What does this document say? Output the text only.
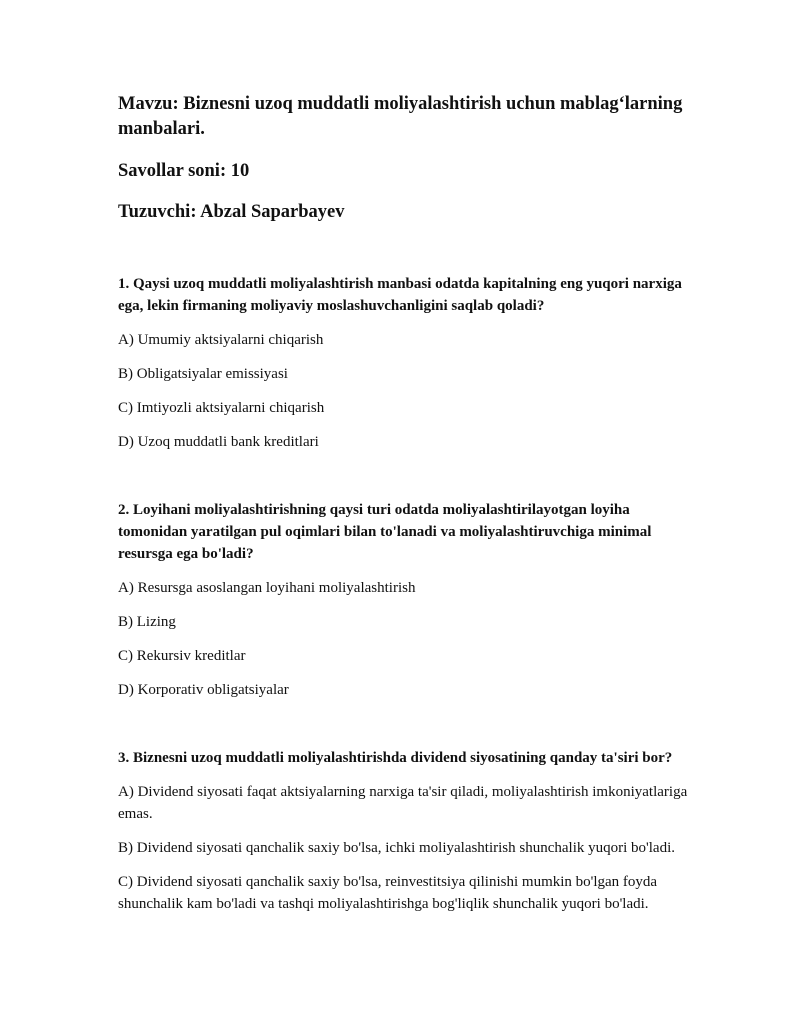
Mavzu: Biznesni uzoq muddatli moliyalashtirish uchun mablag‘larning manbalari.

Savollar soni: 10

Tuzuvchi: Abzal Saparbayev

1. Qaysi uzoq muddatli moliyalashtirish manbasi odatda kapitalning eng yuqori narxiga ega, lekin firmaning moliyaviy moslashuvchanligini saqlab qoladi?

A) Umumiy aktsiyalarni chiqarish

B) Obligatsiyalar emissiyasi

C) Imtiyozli aktsiyalarni chiqarish

D) Uzoq muddatli bank kreditlari

2. Loyihani moliyalashtirishning qaysi turi odatda moliyalashtirilayotgan loyiha tomonidan yaratilgan pul oqimlari bilan to'lanadi va moliyalashtiruvchiga minimal resursga ega bo'ladi?

A) Resursga asoslangan loyihani moliyalashtirish

B) Lizing

C) Rekursiv kreditlar

D) Korporativ obligatsiyalar

3. Biznesni uzoq muddatli moliyalashtirishda dividend siyosatining qanday ta'siri bor?

A) Dividend siyosati faqat aktsiyalarning narxiga ta'sir qiladi, moliyalashtirish imkoniyatlariga emas.

B) Dividend siyosati qanchalik saxiy bo'lsa, ichki moliyalashtirish shunchalik yuqori bo'ladi.

C) Dividend siyosati qanchalik saxiy bo'lsa, reinvestitsiya qilinishi mumkin bo'lgan foyda shunchalik kam bo'ladi va tashqi moliyalashtirishga bog'liqlik shunchalik yuqori bo'ladi.
